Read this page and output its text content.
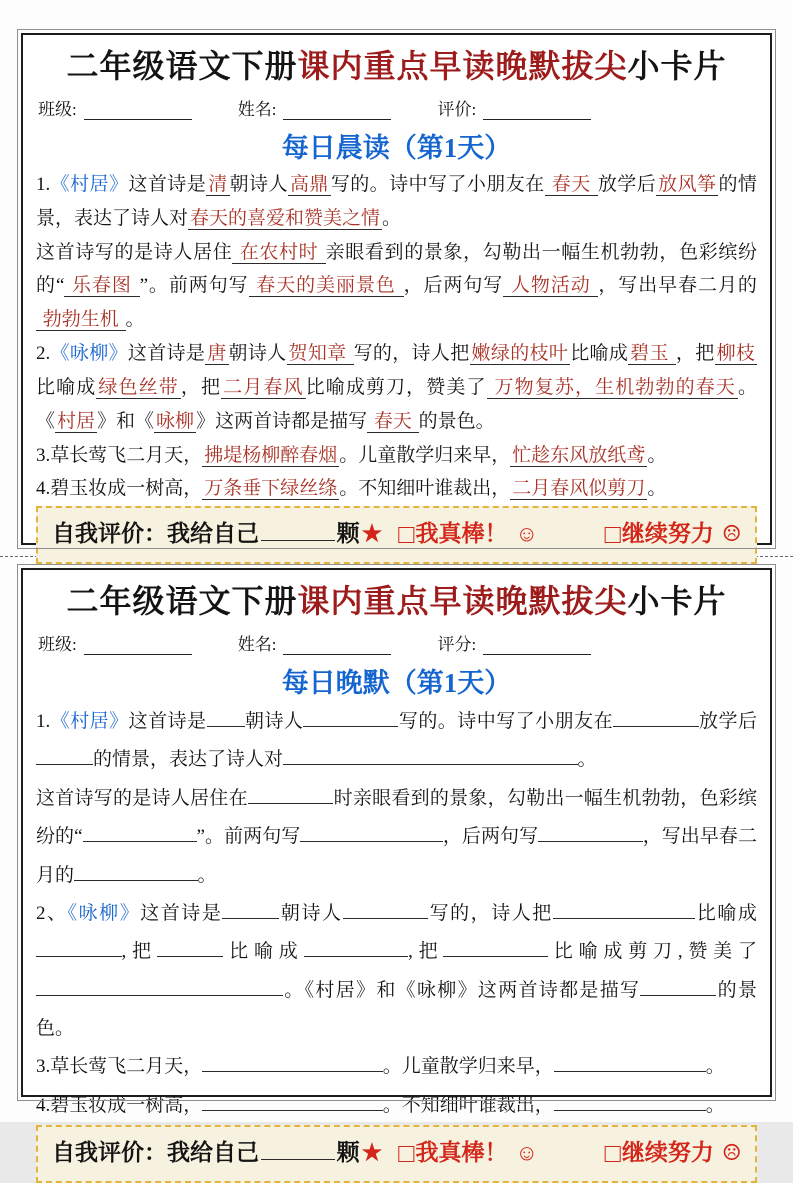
二年级语文下册课内重点早读晚默拔尖小卡片
班级:	姓名:	评价:
每日晨读（第1天）

1.《村居》这首诗是 清 朝诗人 高鼎 写的。诗中写了小朋友在 春天 放学后 放风筝 的情景，表达了诗人对 春天的喜爱和赞美之情 。

这首诗写的是诗人居住 在农村时 亲眼看到的景象，勾勒出一幅生机勃勃，色彩缤纷的“ 乐春图 ”。前两句写 春天的美丽景色 ，后两句写 人物活动 ，写出早春二月的 勃勃生机 。

2.《咏柳》这首诗是 唐 朝诗人 贺知章 写的，诗人把 嫩绿的枝叶 比喻成 碧玉 ，把 柳枝比喻成 绿色丝带 ，把 二月春风 比喻成剪刀，赞美了 万物复苏，生机勃勃的春天 。《 村居 》和《 咏柳 》这两首诗都是描写 春天 的景色。

3.草长莺飞二月天， 拂堤杨柳醉春烟 。儿童散学归来早， 忙趁东风放纸鸢 。

4.碧玉妆成一树高， 万条垂下绿丝绦 。不知细叶谁裁出， 二月春风似剪刀 。

自我评价：我给自己	颗★ □我真棒！ ☺ □继续努力 ☹

二年级语文下册课内重点早读晚默拔尖小卡片
班级:	姓名:	评分:
每日晚默（第1天）

1.《村居》这首诗是 朝诗人	写的。诗中写了小朋友在	放学后的情景，表达了诗人对	。

这首诗写的是诗人居住在	时亲眼看到的景象，勾勒出一幅生机勃勃，色彩缤纷的“	”。前两句写	，后两句写	，写出早春二月的	。

2、《咏柳》这首诗是	朝诗人	写的，诗人把	比喻成,把	比喻成	,把	比喻成剪刀,赞美了。《村居》和《咏柳》这两首诗都是描写	的景色。

3.草长莺飞二月天，	。儿童散学归来早，	。

4.碧玉妆成一树高，	。不知细叶谁裁出，	。

自我评价：我给自己	颗★ □我真棒！ ☺ □继续努力 ☹
